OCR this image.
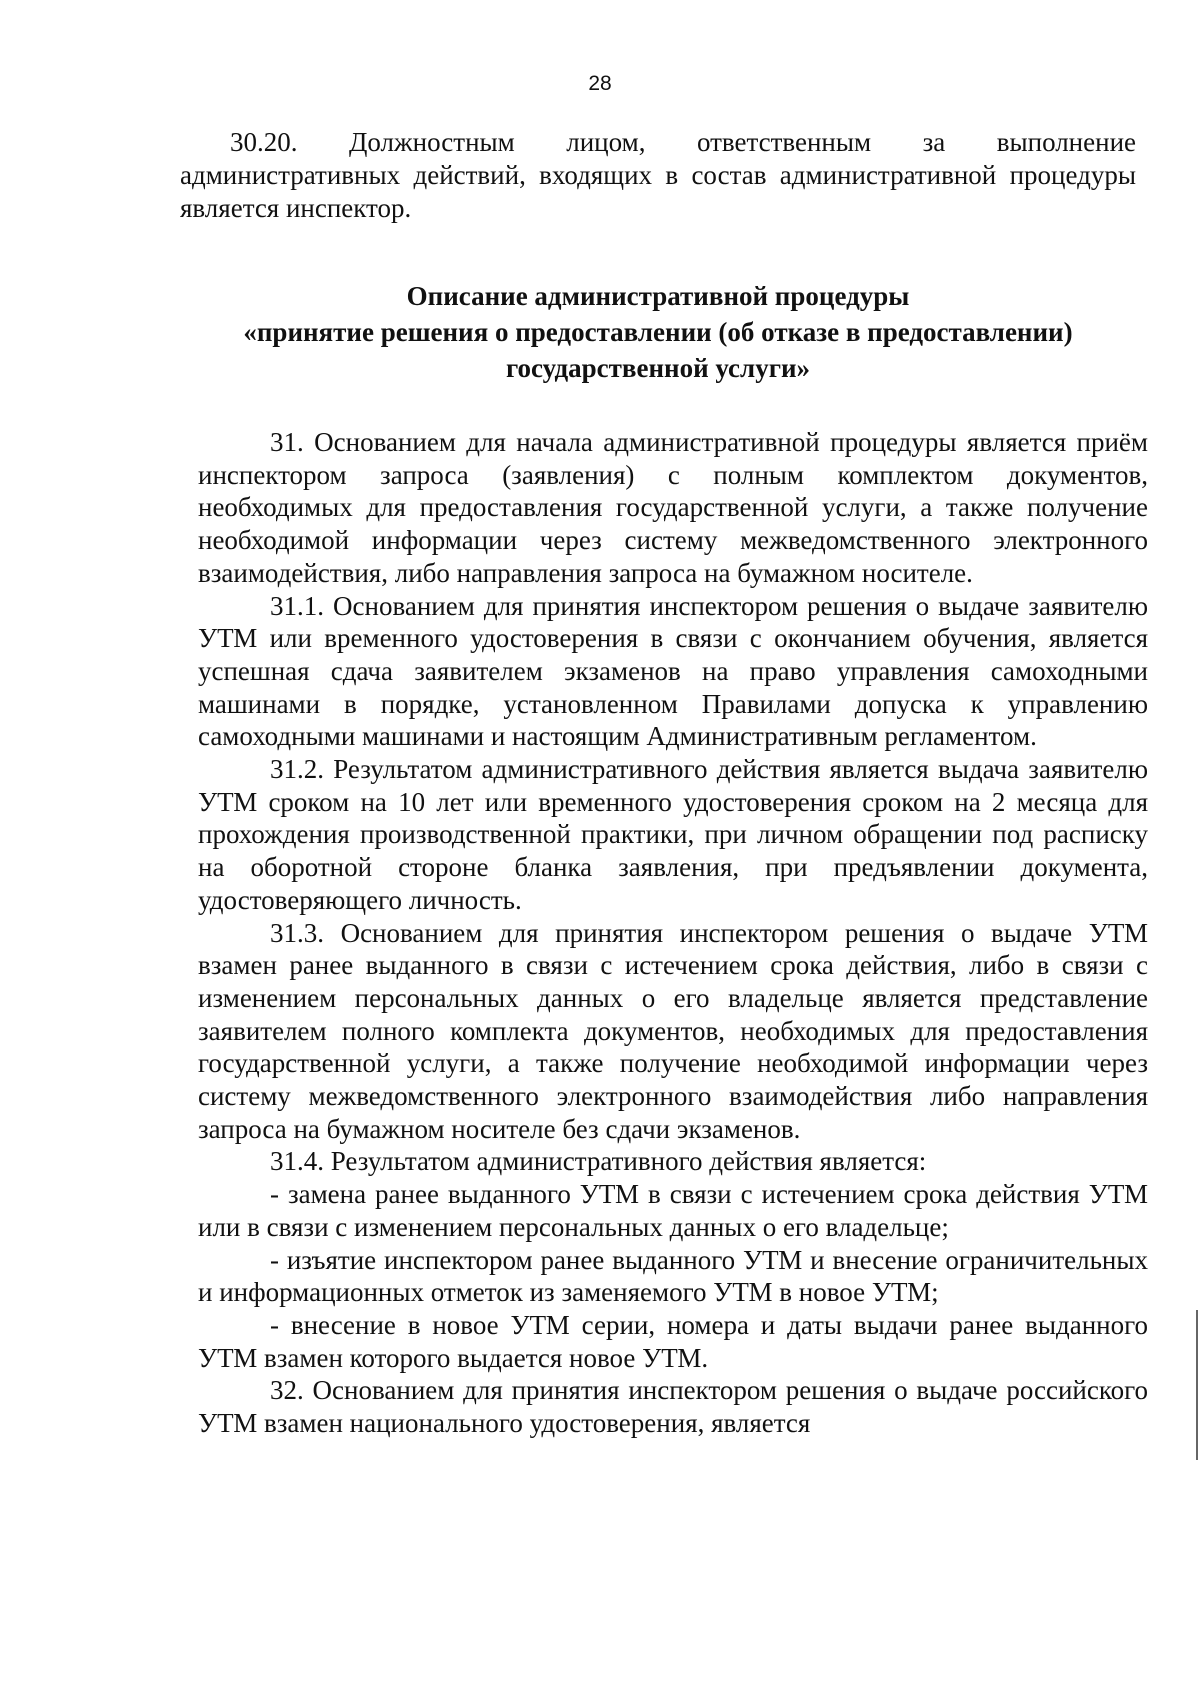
28

30.20. Должностным лицом, ответственным за выполнение административных действий, входящих в состав административной процедуры является инспектор.

Описание административной процедуры
«принятие решения о предоставлении (об отказе в предоставлении)
государственной услуги»

31. Основанием для начала административной процедуры является приём инспектором запроса (заявления) с полным комплектом документов, необходимых для предоставления государственной услуги, а также получение необходимой информации через систему межведомственного электронного взаимодействия, либо направления запроса на бумажном носителе.

31.1. Основанием для принятия инспектором решения о выдаче заявителю УТМ или временного удостоверения в связи с окончанием обучения, является успешная сдача заявителем экзаменов на право управления самоходными машинами в порядке, установленном Правилами допуска к управлению самоходными машинами и настоящим Административным регламентом.

31.2. Результатом административного действия является выдача заявителю УТМ сроком на 10 лет или временного удостоверения сроком на 2 месяца для прохождения производственной практики, при личном обращении под расписку на оборотной стороне бланка заявления, при предъявлении документа, удостоверяющего личность.

31.3. Основанием для принятия инспектором решения о выдаче УТМ взамен ранее выданного в связи с истечением срока действия, либо в связи с изменением персональных данных о его владельце является представление заявителем полного комплекта документов, необходимых для предоставления государственной услуги, а также получение необходимой информации через систему межведомственного электронного взаимодействия либо направления запроса на бумажном носителе без сдачи экзаменов.

31.4. Результатом административного действия является:

- замена ранее выданного УТМ в связи с истечением срока действия УТМ или в связи с изменением персональных данных о его владельце;

- изъятие инспектором ранее выданного УТМ и внесение ограничительных и информационных отметок из заменяемого УТМ в новое УТМ;

- внесение в новое УТМ серии, номера и даты выдачи ранее выданного УТМ взамен которого выдается новое УТМ.

32. Основанием для принятия инспектором решения о выдаче российского УТМ взамен национального удостоверения, является
